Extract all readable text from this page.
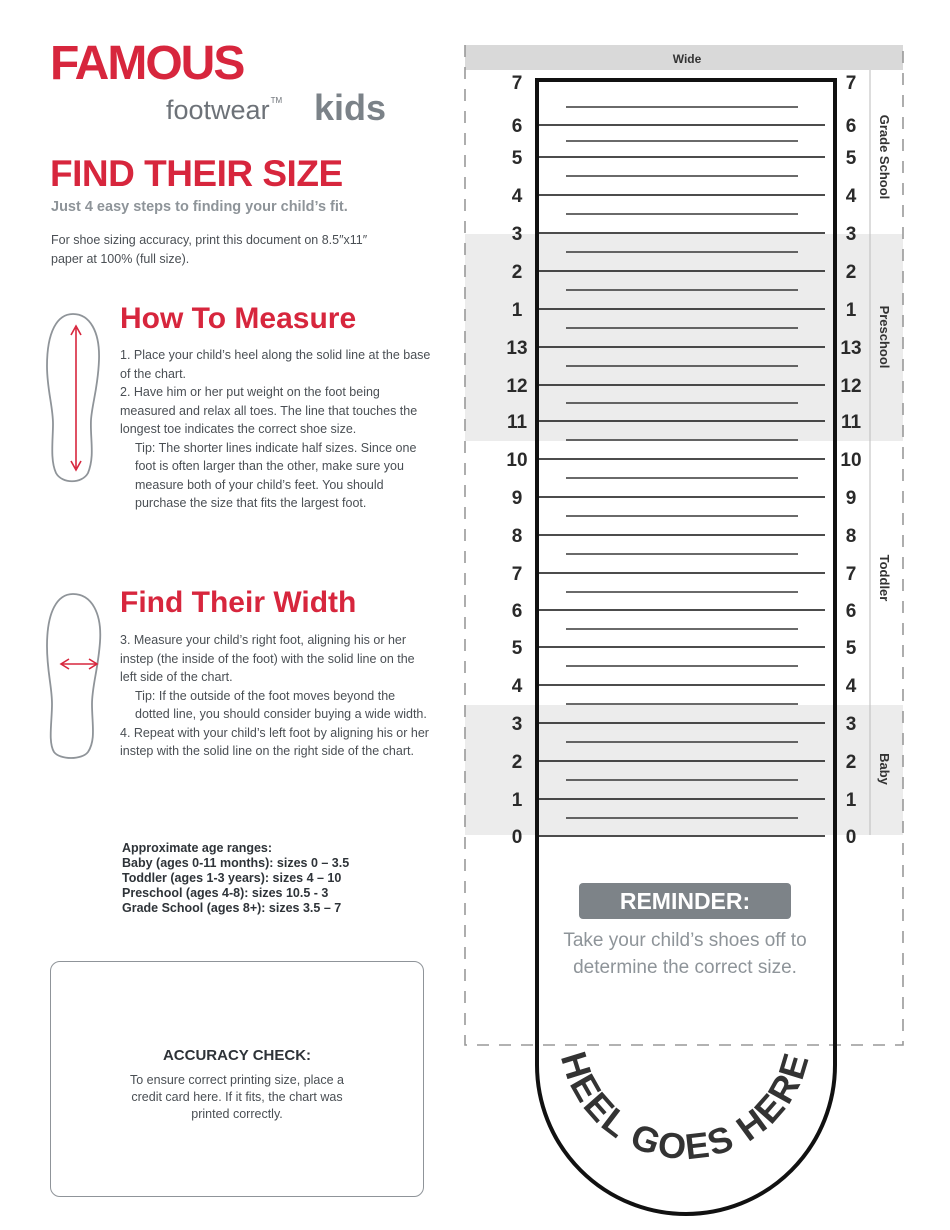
FAMOUS
footwear™ kids
FIND THEIR SIZE
Just 4 easy steps to finding your child’s fit.
For shoe sizing accuracy, print this document on 8.5″x11″ paper at 100% (full size).
How To Measure

1. Place your child’s heel along the solid line at the base of the chart.

2. Have him or her put weight on the foot being measured and relax all toes. The line that touches the longest toe indicates the correct shoe size.

Tip: The shorter lines indicate half sizes. Since one foot is often larger than the other, make sure you measure both of your child’s feet. You should purchase the size that fits the largest foot.

Find Their Width

3. Measure your child’s right foot, aligning his or her instep (the inside of the foot) with the solid line on the left side of the chart.

Tip: If the outside of the foot moves beyond the dotted line, you should consider buying a wide width.

4. Repeat with your child’s left foot by aligning his or her instep with the solid line on the right side of the chart.

Approximate age ranges:

Baby (ages 0-11 months): sizes 0 – 3.5

Toddler (ages 1-3 years): sizes 4 – 10

Preschool (ages 4-8): sizes 10.5 - 3

Grade School (ages 8+): sizes 3.5 – 7

ACCURACY CHECK:
To ensure correct printing size, place a credit card here. If it fits, the chart was printed correctly.
Wide
7	7
6	6
5	5
4	4
3	3
2	2
1	1
13	13
12	12
11	11
10	10
9	9
8	8
7	7
6	6
5	5
4	4
3	3
2	2
1	1
0	0
Grade School
Preschool
Toddler
Baby
HEEL GOES HERE
REMINDER:
Take your child’s shoes off to determine the correct size.
